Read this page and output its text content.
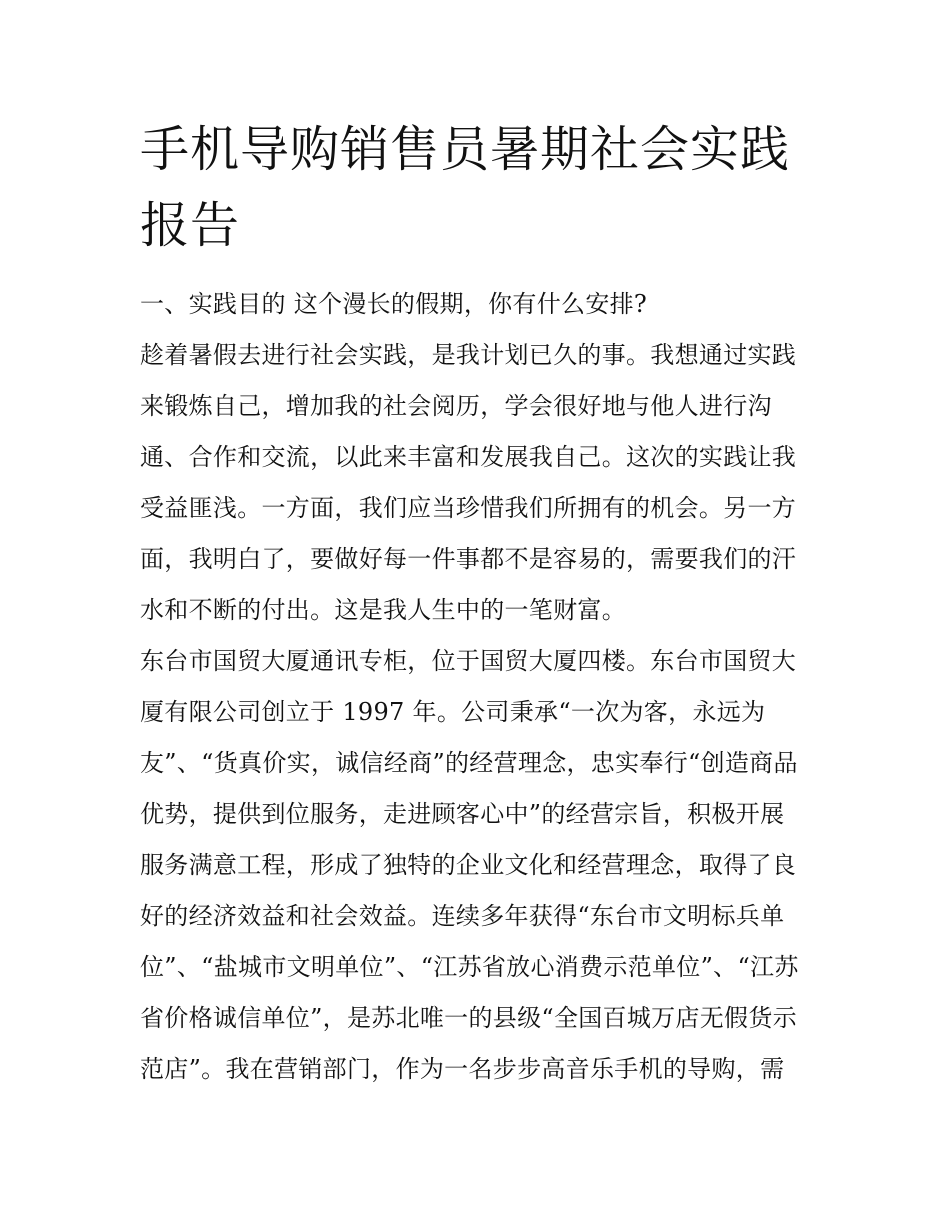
手机导购销售员暑期社会实践
报告
一、实践目的 这个漫长的假期，你有什么安排?
趁着暑假去进行社会实践，是我计划已久的事。我想通过实践
来锻炼自己，增加我的社会阅历，学会很好地与他人进行沟
通、合作和交流，以此来丰富和发展我自己。这次的实践让我
受益匪浅。一方面，我们应当珍惜我们所拥有的机会。另一方
面，我明白了，要做好每一件事都不是容易的，需要我们的汗
水和不断的付出。这是我人生中的一笔财富。
东台市国贸大厦通讯专柜，位于国贸大厦四楼。东台市国贸大
厦有限公司创立于 1997 年。公司秉承“一次为客，永远为
友”、“货真价实，诚信经商”的经营理念，忠实奉行“创造商品
优势，提供到位服务，走进顾客心中”的经营宗旨，积极开展
服务满意工程，形成了独特的企业文化和经营理念，取得了良
好的经济效益和社会效益。连续多年获得“东台市文明标兵单
位”、“盐城市文明单位”、“江苏省放心消费示范单位”、“江苏
省价格诚信单位”，是苏北唯一的县级“全国百城万店无假货示
范店”。我在营销部门，作为一名步步高音乐手机的导购，需
